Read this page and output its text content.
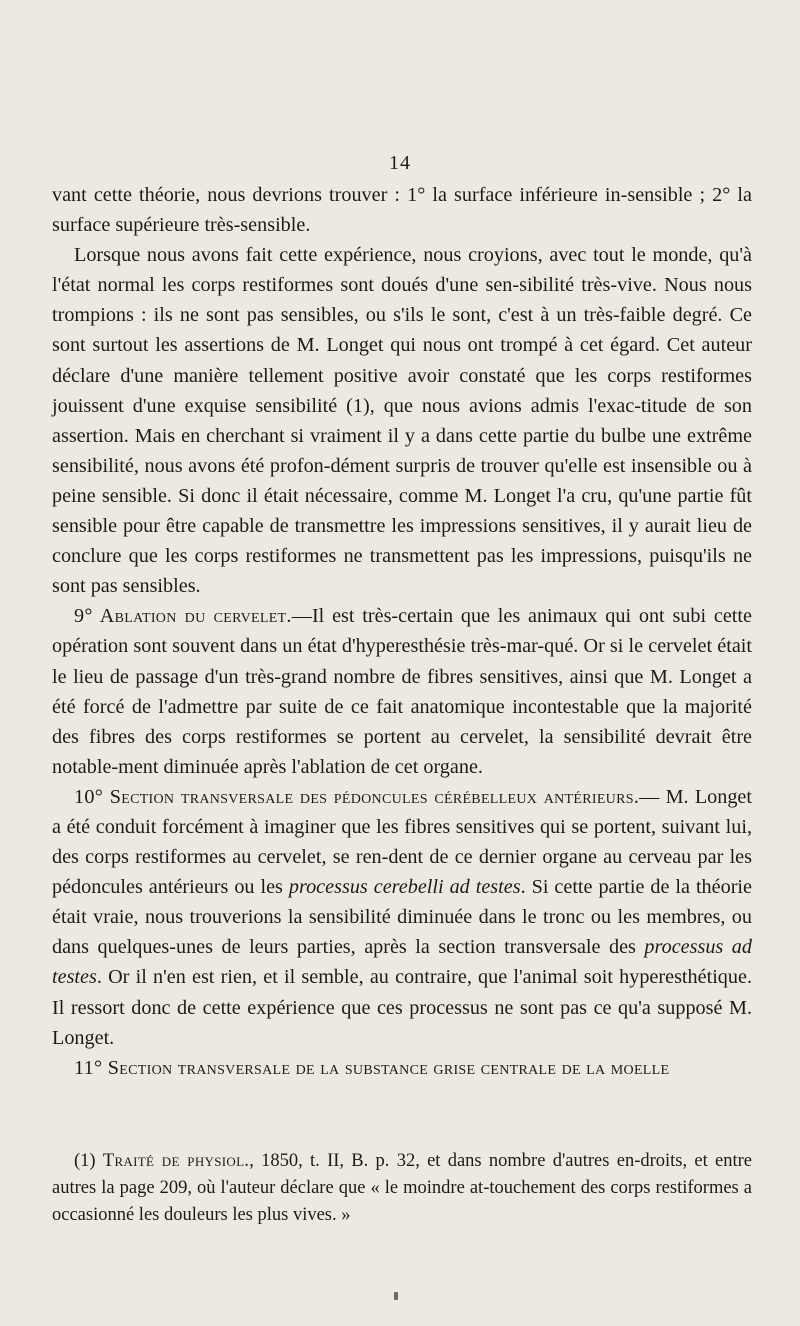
14

vant cette théorie, nous devrions trouver : 1° la surface inférieure in-sensible ; 2° la surface supérieure très-sensible.

Lorsque nous avons fait cette expérience, nous croyions, avec tout le monde, qu'à l'état normal les corps restiformes sont doués d'une sen-sibilité très-vive. Nous nous trompions : ils ne sont pas sensibles, ou s'ils le sont, c'est à un très-faible degré. Ce sont surtout les assertions de M. Longet qui nous ont trompé à cet égard. Cet auteur déclare d'une manière tellement positive avoir constaté que les corps restiformes jouissent d'une exquise sensibilité (1), que nous avions admis l'exac-titude de son assertion. Mais en cherchant si vraiment il y a dans cette partie du bulbe une extrême sensibilité, nous avons été profon-dément surpris de trouver qu'elle est insensible ou à peine sensible. Si donc il était nécessaire, comme M. Longet l'a cru, qu'une partie fût sensible pour être capable de transmettre les impressions sensitives, il y aurait lieu de conclure que les corps restiformes ne transmettent pas les impressions, puisqu'ils ne sont pas sensibles.

9° Ablation du cervelet.—Il est très-certain que les animaux qui ont subi cette opération sont souvent dans un état d'hyperesthésie très-mar-qué. Or si le cervelet était le lieu de passage d'un très-grand nombre de fibres sensitives, ainsi que M. Longet a été forcé de l'admettre par suite de ce fait anatomique incontestable que la majorité des fibres des corps restiformes se portent au cervelet, la sensibilité devrait être notable-ment diminuée après l'ablation de cet organe.

10° Section transversale des pédoncules cérébelleux antérieurs.— M. Longet a été conduit forcément à imaginer que les fibres sensitives qui se portent, suivant lui, des corps restiformes au cervelet, se ren-dent de ce dernier organe au cerveau par les pédoncules antérieurs ou les processus cerebelli ad testes. Si cette partie de la théorie était vraie, nous trouverions la sensibilité diminuée dans le tronc ou les membres, ou dans quelques-unes de leurs parties, après la section transversale des processus ad testes. Or il n'en est rien, et il semble, au contraire, que l'animal soit hyperesthétique. Il ressort donc de cette expérience que ces processus ne sont pas ce qu'a supposé M. Longet.

11° Section transversale de la substance grise centrale de la moelle

(1) Traité de physiol., 1850, t. II, B. p. 32, et dans nombre d'autres en-droits, et entre autres la page 209, où l'auteur déclare que « le moindre at-touchement des corps restiformes a occasionné les douleurs les plus vives. »
